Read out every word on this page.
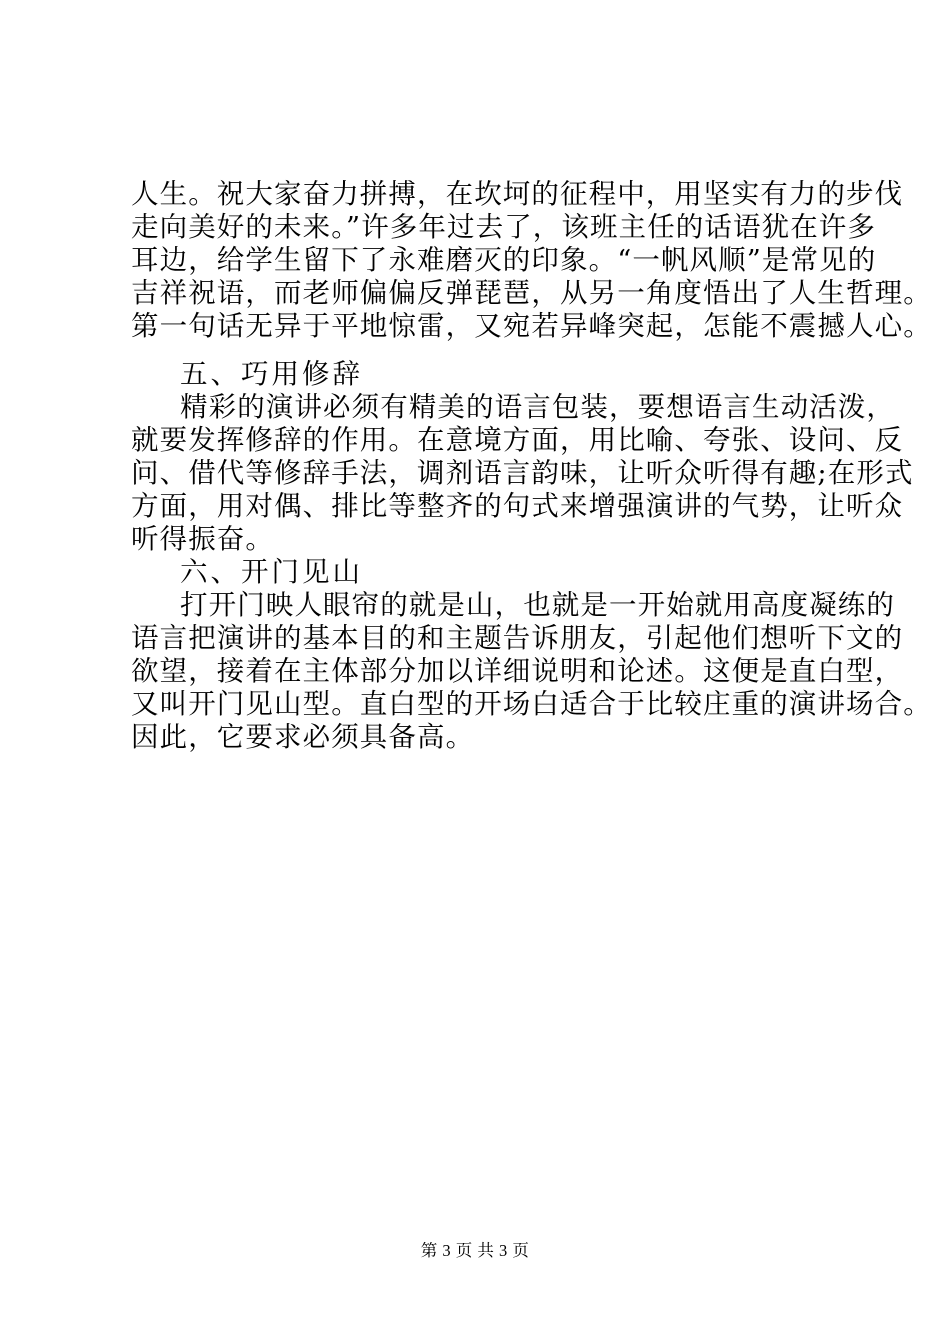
人生。祝大家奋力拼搏，在坎坷的征程中，用坚实有力的步伐
走向美好的未来。”许多年过去了，该班主任的话语犹在许多
耳边，给学生留下了永难磨灭的印象。“一帆风顺”是常见的
吉祥祝语，而老师偏偏反弹琵琶，从另一角度悟出了人生哲理。
第一句话无异于平地惊雷，又宛若异峰突起，怎能不震撼人心。
五、巧用修辞
精彩的演讲必须有精美的语言包装，要想语言生动活泼，
就要发挥修辞的作用。在意境方面，用比喻、夸张、设问、反
问、借代等修辞手法，调剂语言韵味，让听众听得有趣;在形式
方面，用对偶、排比等整齐的句式来增强演讲的气势，让听众
听得振奋。
六、开门见山
打开门映人眼帘的就是山，也就是一开始就用高度凝练的
语言把演讲的基本目的和主题告诉朋友，引起他们想听下文的
欲望，接着在主体部分加以详细说明和论述。这便是直白型，
又叫开门见山型。直白型的开场白适合于比较庄重的演讲场合。
因此，它要求必须具备高。
第 3 页 共 3 页
